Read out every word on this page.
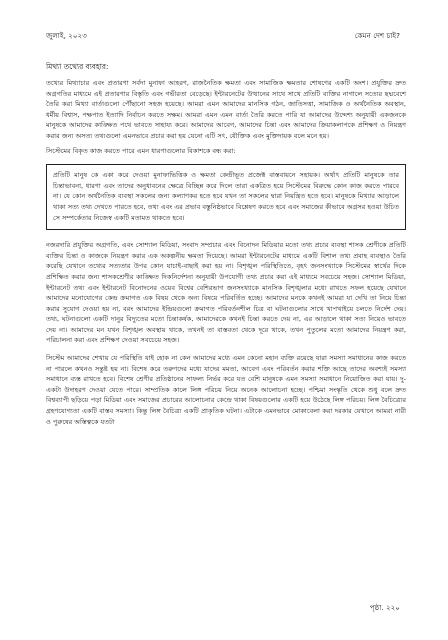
জুলাই, ২০২৩	কেমন দেশ চাই?

মিথ্যা তথ্যের ব্যবহার:

তথ্যের মিথ্যাচার এবং প্রতারণা সর্বদা মুনাফা আহরণ, রাজনৈতিক ক্ষমতা এবং সামাজিক ক্ষমতার শোষণের একটি অংশ। প্রযুক্তির দ্রুত অগ্রগতির মাধ্যমে এই প্রতারণার বিস্তৃতি এবং গভীরতা বেড়েছে। ইন্টারনেটের উত্থানের সাথে সাথে প্রতিটি ব্যক্তির নাগালে সত্যের ছদ্মবেশে তৈরি করা মিথ্যা বার্তাগুলো পৌঁছানো সহজ হয়েছে। আমরা এমন আমাদের মানসিক গঠন, জাতিসত্তা, সামাজিক ও অর্থনৈতিক অবস্থান, ধর্মীয় বিশ্বাস, পক্ষপাত ইত্যাদি নির্বাচন করতে সক্ষম। আমরা এমন এমন বার্তা তৈরি করতে পারি যা আমাদের উদ্দেশ্য অনুযায়ী একজনকে মানুষকে আমাদের কাঙ্ক্ষিত পথে ভাবতে সাহায্য করে। আমাদের আবেগ, আমাদের চিন্তা এবং আমাদের ক্রিয়াকলাপকে প্রশিক্ষণ ও নিয়ন্ত্রণ করার জন্য অসত্য তথ্যগুলো এমনভাবে প্রচার করা হয় যেনো এটি সৎ, যৌক্তিক এবং মুক্তিদায়ক বলে মনে হয়।

সিস্টেমের বিকৃত কাজ করতে পারে এমন ধারণাগুলোর বিকাশকে বন্ধ করা:

প্রতিটি মানুষ কে একা করে দেওয়া মুনাফাভিত্তিক ও ক্ষমতা কেন্দ্রীভূত প্রজেক্ট বাস্তবায়নে সহায়ক। অর্থাৎ প্রতিটি মানুষকে তার চিন্তাভাবনা, ধারণা এবং তাদের অনুধাবনের ক্ষেত্রে বিচ্ছিন্ন করে দিলে তারা একত্রিত হয়ে সিস্টেমের বিরুদ্ধে কোন কাজ করতে পারবে না। যে কোন অর্থনৈতিক ব্যবস্থা সকলের জন্য কল্যাণকর হতে হবে যখন তা সকলের দ্বারা নিয়ন্ত্রিত হতে হবে। মানুষকে মিথ্যার আড়ালে থাকা সত্য তথ্য দেখতে পারতে হবে, তথ্য এবং এর প্রভাব বস্তুনিষ্ঠভাবে বিশ্লেষণ করতে হবে এবং সমাজের কীভাবে অগ্রসর হওয়া উচিত সে সম্পর্কেতার নিজেস্ব একটি মতামত থাকতে হবে।

নজরদারি প্রযুক্তির অগ্রগতি, এবং সোশ্যাল মিডিয়া, সংবাদ সম্প্রচার এবং বিনোদন মিডিয়ার মতো তথ্য প্রচার ব্যবস্থা শাসক শ্রেণীকে প্রতিটি ব্যক্তির চিন্তা ও কাজকে নিয়ন্ত্রণ করার এক অকল্পনীয় ক্ষমতা দিয়েছে। আমরা ইন্টারনেটের মাধ্যমে একটি বিশাল তথ্য প্রবাহ ব্যবস্থাও তৈরি করেছি যেখানে তথ্যের সত্যতার উপর কোন যাচাই-বাছাই করা হয় না। বিশৃঙ্খল পরিস্থিতিতে, বৃহৎ জনসংখ্যাকে সিস্টেমের স্বার্থের দিকে প্রশিক্ষিত করার জন্য শাসকশ্রেণীর কাঙ্ক্ষিত দিকনির্দেশনা অনুযায়ী উপযোগী তথ্য প্রচার করা এই মাধ্যমে সবচেয়ে সহজ। সোশ্যাল মিডিয়া, ইন্টারনেট তথ্য এবং ইন্টারনেট বিনোদনের ওয়েব বিশ্বের বেশিরভাগ জনসংখ্যাকে মানসিক বিশৃঙ্খলার মধ্যে রাখতে সফল হয়েছে যেখানে আমাদের মনোযোগের কেন্দ্র ক্রমাগত এক বিষয় থেকে অন্য বিষয়ে পরিবর্তিত হচ্ছে। আমাদের মনকে কখনই আমরা যা দেখি তা নিয়ে চিন্তা করার সুযোগ দেওয়া হয় না, বরং আমাদের ইন্দ্রিয়গুলো ক্রমাগত পরিবর্তনশীল চিত্র বা ঘটনাগুলোর সাথে খাপখাইয়ে চলতে নির্দেশ দেয়। তথ্য, ঘটনাগুলো একটি দানুর বিদ্যুতের মতো চিন্তাকর্ষক, আমাদেরকে কখনই চিন্তা করতে দেয় না, এর আড়ালে থাকা সত্য নিয়েও ভাবতে দেয় না। আমাদের মন যখন বিশৃঙ্খল অবস্থায় থাকে, তখনই তা বাস্তবতা থেকে দূরে থাকে, তখন পুতুলের মতো আমাদের নিয়ন্ত্রণ করা, পরিচালনা করা এবং প্রশিক্ষণ দেওয়া সবচেয়ে সহজ।

সিস্টেম আমাদের শেখায় যে পরিস্থিতি যাই হোক না কেন আমাদের মধ্যে এমন কেনো মহান ব্যক্তি রয়েছে যারা সমস্যা সমাধানের কাজ করতে না পারলে কখনও সন্তুষ্ট হয় না। বিশেষ করে তরুণদের মধ্যে যাদের মমতা, আবেগ এবং পরিবর্তন করার শক্তি আছে তাদের অবশ্যই সমস্যা সমাধানে ব্যস্ত রাখতে হবে। বিশেষ শ্রেণীর প্রতিষ্ঠানের সাফল্য নির্ভর করে যত বেশি মানুষকে এমন সমস্যা সমাধানে নিয়োজিত করা যায়। দু-একটা উদাহরণ দেওয়া যেতে পারে। সাম্প্রতিক কালে লিঙ্গ পরিচয় নিয়ে অনেক আলোচনা হচ্ছে। পশ্চিমা সংস্কৃতি থেকে শুধু বলে দ্রুত বিশ্বব্যাপী ছড়িয়ে পড়া মিডিয়া এবং সমাজের প্রচারের আলোচনার কেন্দ্রে থাকা বিষয়গুলোর একটি হয়ে উঠেছে লিঙ্গ পরিচয়। লিঙ্গ বৈচিত্র্যের গ্রহণযোগ্যতা একটি বাস্তব সমস্যা। কিন্তু লিঙ্গ বৈচিত্র্য একটি প্রাকৃতিক ঘটনা। এটাকে এমনভাবে মোকাবেলা করা দরকার যেখানে আমরা নারী ও পুরুষের অস্তিত্বকে যতটা

পৃষ্ঠা. ২২০
